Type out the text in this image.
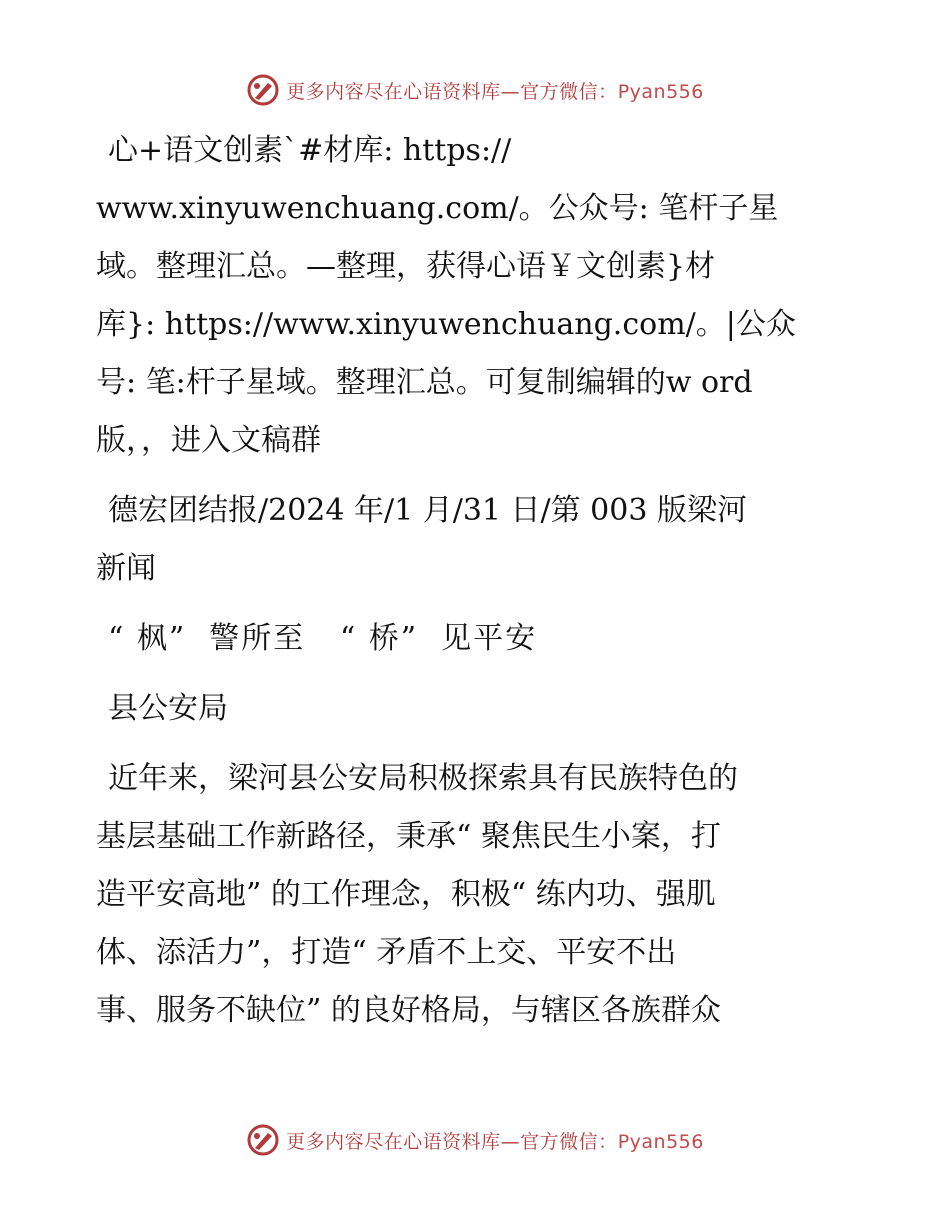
更多内容尽在心语资料库—官方微信：Pyan556

心+语文创素`#材库: https://
www.xinyuwenchuang.com/。公众号: 笔杆子星
域。整理汇总。—整理，获得心语￥文创素}材
库}: https://www.xinyuwenchuang.com/。|公众
号: 笔:杆子星域。整理汇总。可复制编辑的w ord
版，，进入文稿群

德宏团结报/2024 年/1 月/31 日/第 003 版梁河
新闻

“ 枫”  警所至   “ 桥”  见平安

县公安局

近年来，梁河县公安局积极探索具有民族特色的
基层基础工作新路径，秉承“ 聚焦民生小案，打
造平安高地” 的工作理念，积极“ 练内功、强肌
体、添活力”，打造“ 矛盾不上交、平安不出
事、服务不缺位” 的良好格局，与辖区各族群众

更多内容尽在心语资料库—官方微信：Pyan556
